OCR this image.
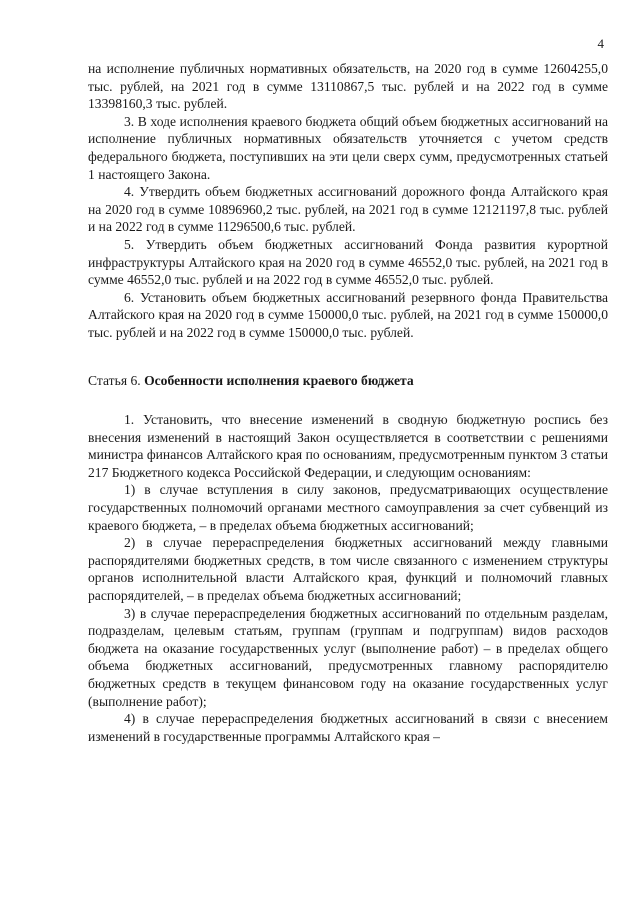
4

на исполнение публичных нормативных обязательств, на 2020 год в сумме 12604255,0 тыс. рублей, на 2021 год в сумме 13110867,5 тыс. рублей и на 2022 год в сумме 13398160,3 тыс. рублей.

3. В ходе исполнения краевого бюджета общий объем бюджетных ассигнований на исполнение публичных нормативных обязательств уточняется с учетом средств федерального бюджета, поступивших на эти цели сверх сумм, предусмотренных статьей 1 настоящего Закона.

4. Утвердить объем бюджетных ассигнований дорожного фонда Алтайского края на 2020 год в сумме 10896960,2 тыс. рублей, на 2021 год в сумме 12121197,8 тыс. рублей и на 2022 год в сумме 11296500,6 тыс. рублей.

5. Утвердить объем бюджетных ассигнований Фонда развития курортной инфраструктуры Алтайского края на 2020 год в сумме 46552,0 тыс. рублей, на 2021 год в сумме 46552,0 тыс. рублей и на 2022 год в сумме 46552,0 тыс. рублей.

6. Установить объем бюджетных ассигнований резервного фонда Правительства Алтайского края на 2020 год в сумме 150000,0 тыс. рублей, на 2021 год в сумме 150000,0 тыс. рублей и на 2022 год в сумме 150000,0 тыс. рублей.

Статья 6. Особенности исполнения краевого бюджета

1. Установить, что внесение изменений в сводную бюджетную роспись без внесения изменений в настоящий Закон осуществляется в соответствии с решениями министра финансов Алтайского края по основаниям, предусмотренным пунктом 3 статьи 217 Бюджетного кодекса Российской Федерации, и следующим основаниям:

1) в случае вступления в силу законов, предусматривающих осуществление государственных полномочий органами местного самоуправления за счет субвенций из краевого бюджета, – в пределах объема бюджетных ассигнований;

2) в случае перераспределения бюджетных ассигнований между главными распорядителями бюджетных средств, в том числе связанного с изменением структуры органов исполнительной власти Алтайского края, функций и полномочий главных распорядителей, – в пределах объема бюджетных ассигнований;

3) в случае перераспределения бюджетных ассигнований по отдельным разделам, подразделам, целевым статьям, группам (группам и подгруппам) видов расходов бюджета на оказание государственных услуг (выполнение работ) – в пределах общего объема бюджетных ассигнований, предусмотренных главному распорядителю бюджетных средств в текущем финансовом году на оказание государственных услуг (выполнение работ);

4) в случае перераспределения бюджетных ассигнований в связи с внесением изменений в государственные программы Алтайского края –
